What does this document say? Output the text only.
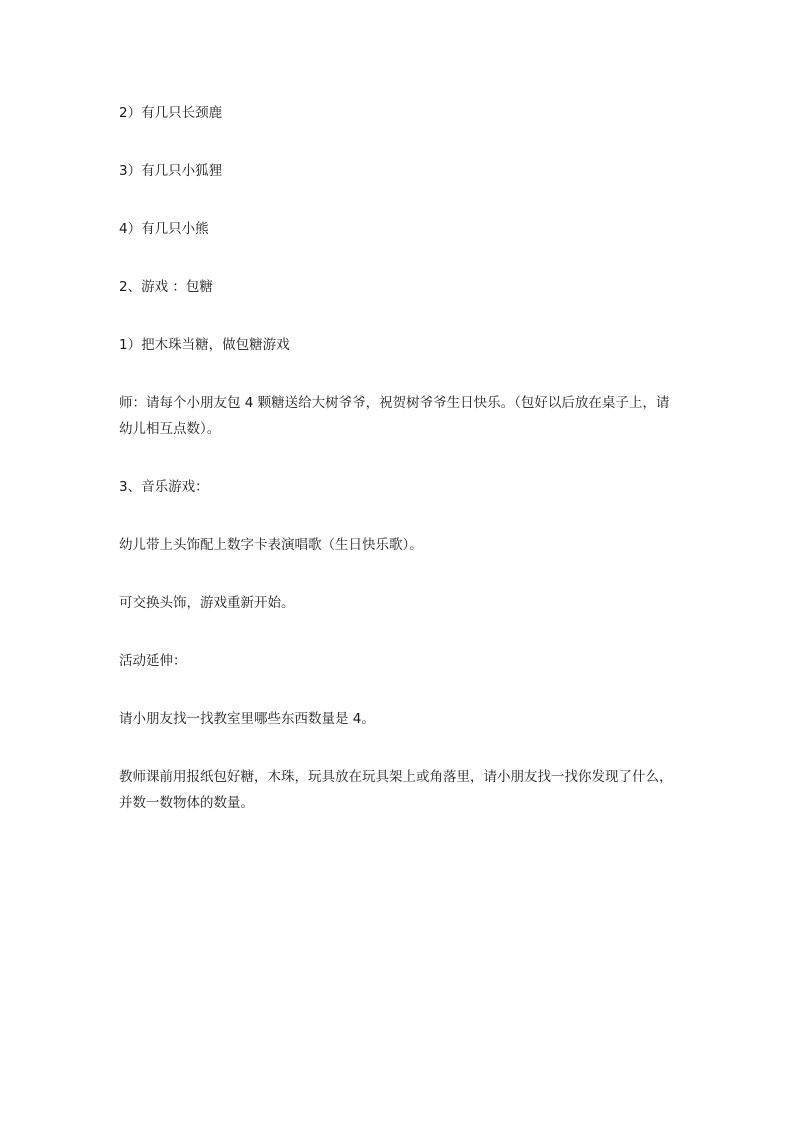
2）有几只长颈鹿

3）有几只小狐狸

4）有几只小熊

2、游戏 ：包糖

1）把木珠当糖，做包糖游戏

师：请每个小朋友包 4 颗糖送给大树爷爷，祝贺树爷爷生日快乐。（包好以后放在桌子上，请幼儿相互点数）。

3、音乐游戏：

幼儿带上头饰配上数字卡表演唱歌（生日快乐歌）。

可交换头饰，游戏重新开始。

活动延伸：

请小朋友找一找教室里哪些东西数量是 4。

教师课前用报纸包好糖，木珠，玩具放在玩具架上或角落里，请小朋友找一找你发现了什么，并数一数物体的数量。
